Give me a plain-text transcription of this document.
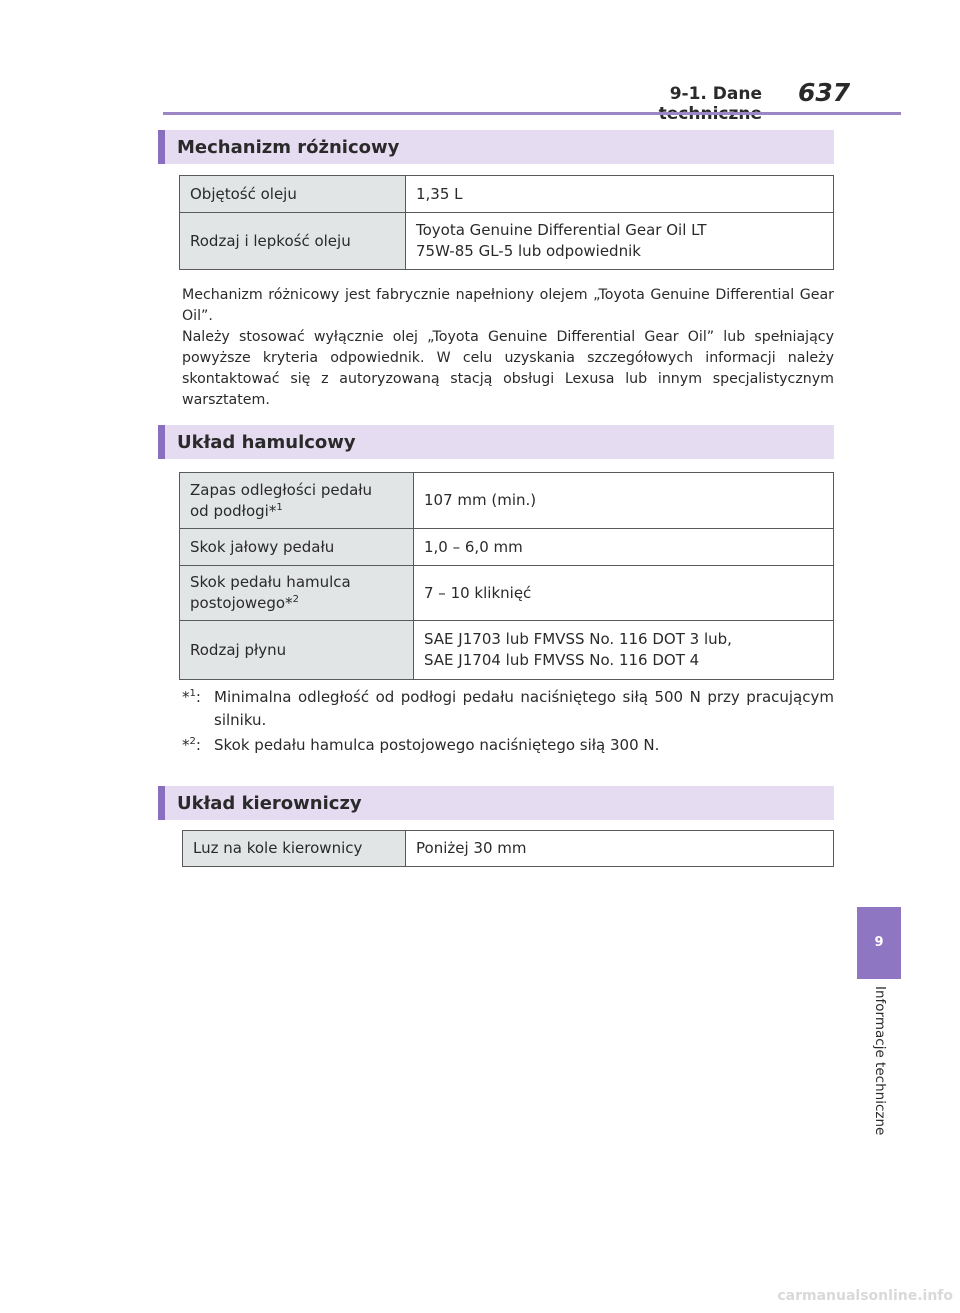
9-1. Dane 637
Mechanizm różnicowy
Objętość oleju	1,35 L

Rodzaj i lepkość oleju	Toyota Genuine Differential Gear Oil LT
75W-85 GL-5 lub odpowiednik
Mechanizm różnicowy jest fabrycznie napełniony olejem „Toyota Genuine Differential Gear Oil”.
Należy stosować wyłącznie olej „Toyota Genuine Differential Gear Oil” lub spełniający powyższe kryteria odpowiednik. W celu uzyskania szczegółowych informacji należy skontaktować się z autoryzowaną stacją obsługi Lexusa lub innym specjalistycznym warsztatem.
Układ hamulcowy
Zapas odległości pedału
od podłogi*$^1$	107 mm (min.)

Skok jałowy pedału	1,0 – 6,0 mm

Skok pedału hamulca
postojowego*$^2$	7 – 10 kliknięć
Rodzaj płynu	SAE J1703 lub FMVSS No. 116 DOT 3 lub,
SAE J1704 lub FMVSS No. 116 DOT 4
*$^1$: Minimalna odległość od podłogi pedału naciśniętego siłą 500 N przy pracującym silniku.
*$^2$: Skok pedału hamulca postojowego naciśniętego siłą 300 N.
Układ kierowniczy
Luz na kole kierownicy	Poniżej 30 mm
9
Informacje techniczne
carmanualsonline.info
